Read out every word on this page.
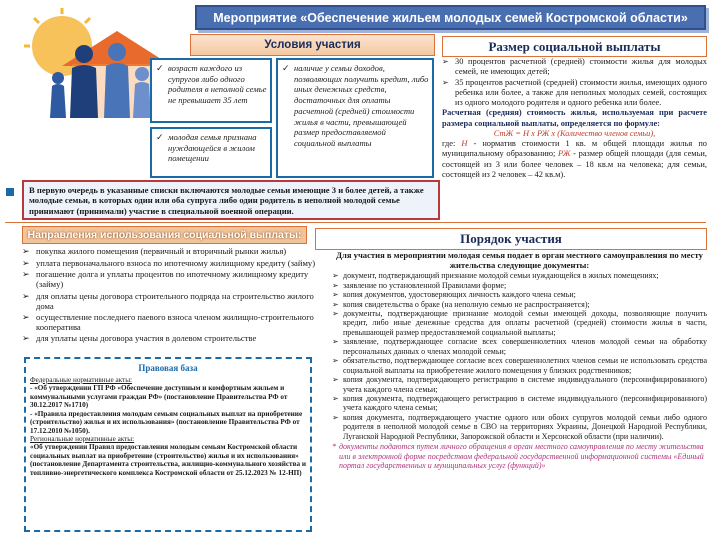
Мероприятие «Обеспечение жильем молодых семей Костромской области»
Условия участия
✓ возраст каждого из супругов либо одного родителя в неполной семье не превышает 35 лет
✓ наличие у семьи доходов, позволяющих получить кредит, либо иных денежных средств, достаточных для оплаты расчетной (средней) стоимости жилья в части, превышающей размер предоставляемой социальной выплаты
✓ молодая семья признана нуждающейся в жилом помещении
Размер социальной выплаты
➢ 30 процентов расчетной (средней) стоимости жилья для молодых семей, не имеющих детей;

➢ 35 процентов расчетной (средней) стоимости жилья, имеющих одного ребенка или более, а также для неполных молодых семей, состоящих из одного молодого родителя и одного ребенка или более.

Расчетная (средняя) стоимость жилья, используемая при расчете размера социальной выплаты, определяется по формуле:

СтЖ = Н х РЖ х (Количество членов семьи),

где: Н - норматив стоимости 1 кв. м общей площади жилья по муниципальному образованию; РЖ - размер общей площади (для семьи, состоящей из 3 или более человек – 18 кв.м на человека; для семьи, состоящей из 2 человек – 42 кв.м).

В первую очередь в указанные списки включаются молодые семьи имеющие 3 и более детей, а также молодые семьи, в которых один или оба супруга либо один родитель в неполной молодой семье принимают (принимали) участие в специальной военной операции.
Направления использования социальной выплаты:
➢ покупка жилого помещения (первичный и вторичный рынки жилья)
➢ уплата первоначального взноса по ипотечному жилищному кредиту (займу)
➢ погашение долга и уплаты процентов по ипотечному жилищному кредиту (займу)
➢ для оплаты цены договора строительного подряда на строительство жилого дома
➢ осуществление последнего паевого взноса членом жилищно-строительного кооператива
➢ для уплаты цены договора участия в долевом строительстве
Правовая база
Федеральные нормативные акты:
- «Об утверждении ГП РФ «Обеспечение доступным и комфортным жильем и коммунальными услугами граждан РФ» (постановление Правительства РФ от 30.12.2017 №1710)
- «Правила предоставления молодым семьям социальных выплат на приобретение (строительство) жилья и их использования» (постановление Правительства РФ от 17.12.2010 №1050).
Региональные нормативные акты:
«Об утверждении Правил предоставления молодым семьям Костромской области социальных выплат на приобретение (строительство) жилья и их использования» (постановление Департамента строительства, жилищно-коммунального хозяйства и топливно-энергетического комплекса Костромской области от 25.12.2023 № 12-НП)
Порядок участия
Для участия в мероприятии молодая семья подает в орган местного самоуправления по месту жительства следующие документы:
➢ документ, подтверждающий признание молодой семьи нуждающейся в жилых помещениях;
➢ заявление по установленной Правилами форме;
➢ копия документов, удостоверяющих личность каждого члена семьи;
➢ копия свидетельства о браке (на неполную семью не распространяется);
➢ документы, подтверждающие признание молодой семьи имеющей доходы, позволяющие получить кредит, либо иные денежные средства для оплаты расчетной (средней) стоимости жилья в части, превышающей размер предоставляемой социальной выплаты;
➢ заявление, подтверждающее согласие всех совершеннолетних членов молодой семьи на обработку персональных данных о членах молодой семьи;
➢ обязательство, подтверждающее согласие всех совершеннолетних членов семьи не использовать средства социальной выплаты на приобретение жилого помещения у близких родственников;
➢ копия документа, подтверждающего регистрацию в системе индивидуального (персонифицированного) учета каждого члена семьи;
➢ копия документа, подтверждающего регистрацию в системе индивидуального (персонифицированного) учета каждого члена семьи;
➢ копия документа, подтверждающего участие одного или обоих супругов молодой семьи либо одного родителя в неполной молодой семье в СВО на территориях Украины, Донецкой Народной Республики, Луганской Народной Республики, Запорожской области и Херсонской области (при наличии).
* документы подаются путем личного обращения в орган местного самоуправления по месту жительства или в электронной форме посредством федеральной государственной информационной системы «Единый портал государственных и муниципальных услуг (функций)»
